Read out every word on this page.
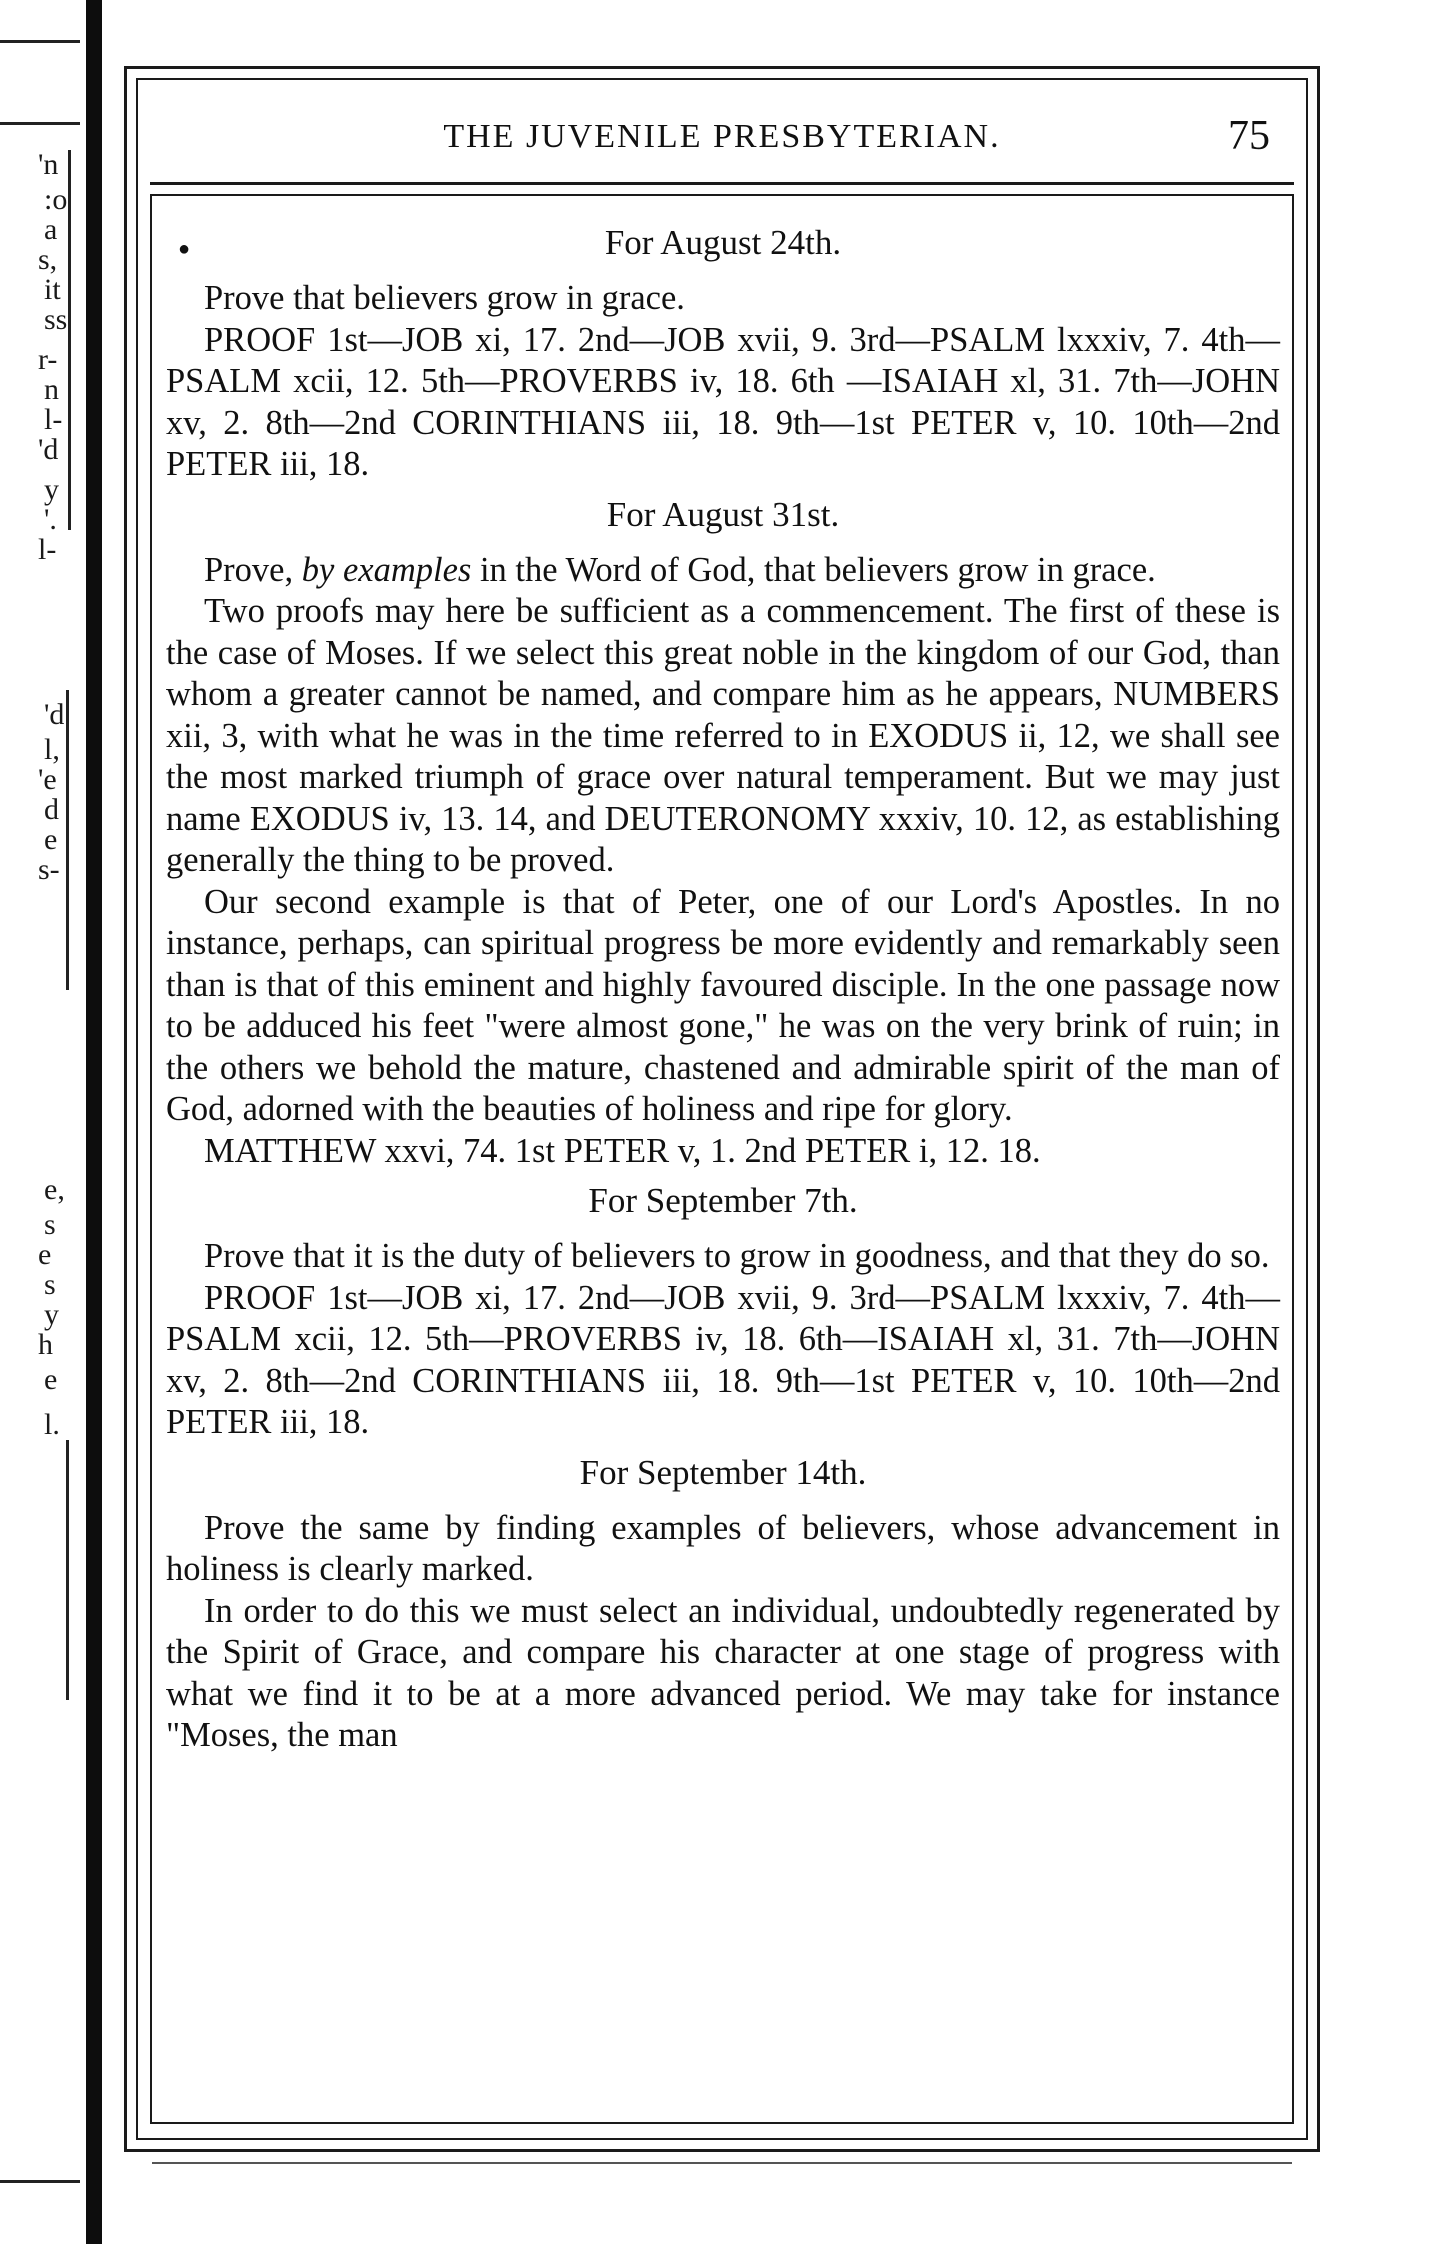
'n
:o
a
s,
it
ss
r-
n
l-
'd
y
'.
l-
'd
l,
'e
d
e
s-
e,
s
e
s
y
h
e
l.
THE JUVENILE PRESBYTERIAN.	75
●	For August 24th.

Prove that believers grow in grace.

PROOF 1st—JOB xi, 17. 2nd—JOB xvii, 9. 3rd—PSALM lxxxiv, 7. 4th—PSALM xcii, 12. 5th—PROVERBS iv, 18. 6th —ISAIAH xl, 31. 7th—JOHN xv, 2. 8th—2nd CORINTHIANS iii, 18. 9th—1st PETER v, 10. 10th—2nd PETER iii, 18.

For August 31st.

Prove, by examples in the Word of God, that believers grow in grace.

Two proofs may here be sufficient as a commencement. The first of these is the case of Moses. If we select this great noble in the kingdom of our God, than whom a greater cannot be named, and compare him as he appears, NUMBERS xii, 3, with what he was in the time referred to in EXODUS ii, 12, we shall see the most marked triumph of grace over natural temperament. But we may just name EXODUS iv, 13. 14, and DEUTERONOMY xxxiv, 10. 12, as establishing generally the thing to be proved.

Our second example is that of Peter, one of our Lord's Apostles. In no instance, perhaps, can spiritual progress be more evidently and remarkably seen than is that of this eminent and highly favoured disciple. In the one passage now to be adduced his feet "were almost gone," he was on the very brink of ruin; in the others we behold the mature, chastened and admirable spirit of the man of God, adorned with the beauties of holiness and ripe for glory.

MATTHEW xxvi, 74. 1st PETER v, 1. 2nd PETER i, 12. 18.

For September 7th.

Prove that it is the duty of believers to grow in goodness, and that they do so.

PROOF 1st—JOB xi, 17. 2nd—JOB xvii, 9. 3rd—PSALM lxxxiv, 7. 4th—PSALM xcii, 12. 5th—PROVERBS iv, 18. 6th—ISAIAH xl, 31. 7th—JOHN xv, 2. 8th—2nd CORINTHIANS iii, 18. 9th—1st PETER v, 10. 10th—2nd PETER iii, 18.

For September 14th.

Prove the same by finding examples of believers, whose advancement in holiness is clearly marked.

In order to do this we must select an individual, undoubtedly regenerated by the Spirit of Grace, and compare his character at one stage of progress with what we find it to be at a more advanced period. We may take for instance "Moses, the man
